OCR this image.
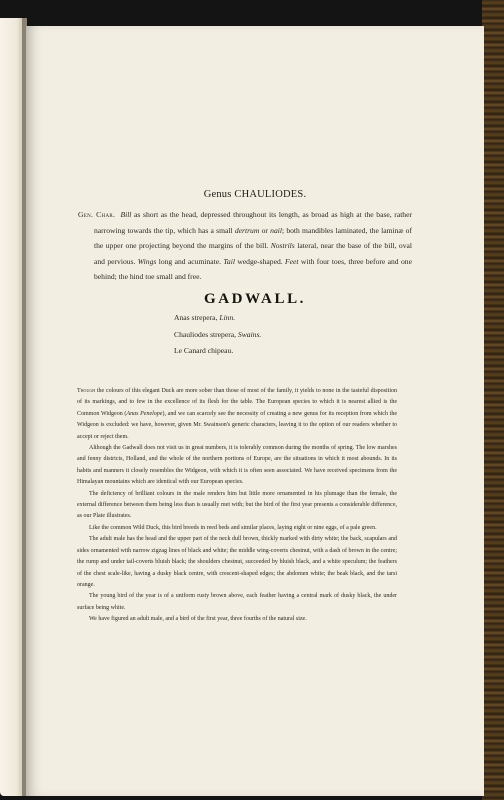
Genus CHAULIODES.
Gen. Char. Bill as short as the head, depressed throughout its length, as broad as high at the base, rather narrowing towards the tip, which has a small dertrum or nail; both mandibles laminated, the laminæ of the upper one projecting beyond the margins of the bill. Nostrils lateral, near the base of the bill, oval and pervious. Wings long and acuminate. Tail wedge-shaped. Feet with four toes, three before and one behind; the hind toe small and free.
GADWALL.
Anas strepera, Linn.
Chauliodes strepera, Swains.
Le Canard chipeau.

Though the colours of this elegant Duck are more sober than those of most of the family, it yields to none in the tasteful disposition of its markings, and to few in the excellence of its flesh for the table. The European species to which it is nearest allied is the Common Widgeon (Anas Penelope), and we can scarcely see the necessity of creating a new genus for its reception from which the Widgeon is excluded: we have, however, given Mr. Swainson's generic characters, leaving it to the option of our readers whether to accept or reject them.

Although the Gadwall does not visit us in great numbers, it is tolerably common during the months of spring. The low marshes and fenny districts, Holland, and the whole of the northern portions of Europe, are the situations in which it most abounds. In its habits and manners it closely resembles the Widgeon, with which it is often seen associated. We have received specimens from the Himalayan mountains which are identical with our European species.

The deficiency of brilliant colours in the male renders him but little more ornamented in his plumage than the female, the external difference between them being less than is usually met with; but the bird of the first year presents a considerable difference, as our Plate illustrates.

Like the common Wild Duck, this bird breeds in reed beds and similar places, laying eight or nine eggs, of a pale green.

The adult male has the head and the upper part of the neck dull brown, thickly marked with dirty white; the back, scapulars and sides ornamented with narrow zigzag lines of black and white; the middle wing-coverts chestnut, with a dash of brown in the centre; the rump and under tail-coverts bluish black; the shoulders chestnut, succeeded by bluish black, and a white speculum; the feathers of the chest scale-like, having a dusky black centre, with crescent-shaped edges; the abdomen white; the beak black, and the tarsi orange.

The young bird of the year is of a uniform rusty brown above, each feather having a central mark of dusky black, the under surface being white.

We have figured an adult male, and a bird of the first year, three fourths of the natural size.
